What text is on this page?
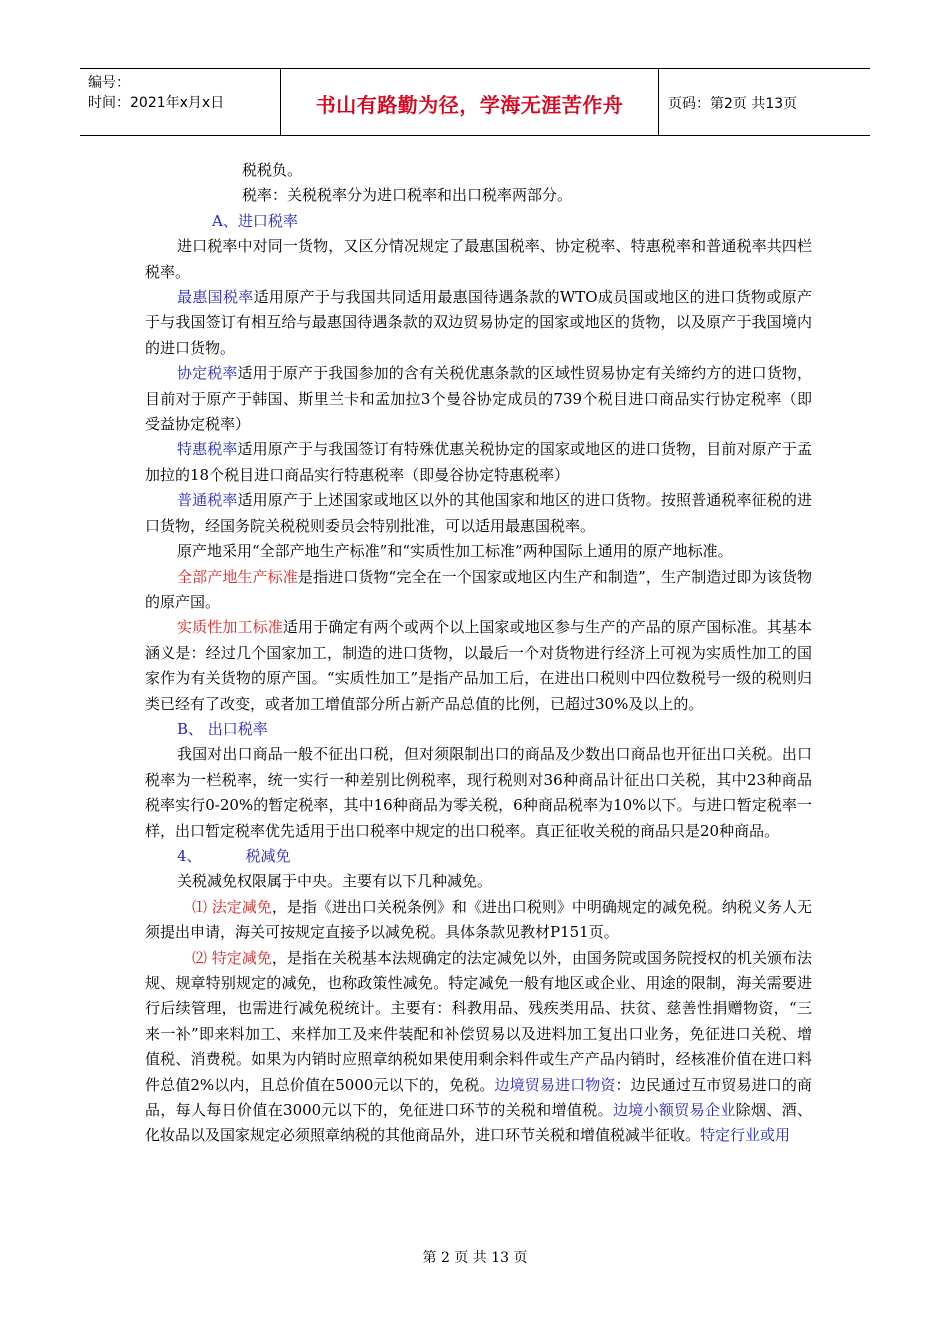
编号：
时间：2021年x月x日	书山有路勤为径，学海无涯苦作舟	页码：第2页 共13页

税税负。

税率：关税税率分为进口税率和出口税率两部分。

A、进口税率

进口税率中对同一货物，又区分情况规定了最惠国税率、协定税率、特惠税率和普通税率共四栏税率。

最惠国税率适用原产于与我国共同适用最惠国待遇条款的WTO成员国或地区的进口货物或原产于与我国签订有相互给与最惠国待遇条款的双边贸易协定的国家或地区的货物，以及原产于我国境内的进口货物。

协定税率适用于原产于我国参加的含有关税优惠条款的区域性贸易协定有关缔约方的进口货物，目前对于原产于韩国、斯里兰卡和孟加拉3个曼谷协定成员的739个税目进口商品实行协定税率（即受益协定税率）

特惠税率适用原产于与我国签订有特殊优惠关税协定的国家或地区的进口货物，目前对原产于孟加拉的18个税目进口商品实行特惠税率（即曼谷协定特惠税率）

普通税率适用原产于上述国家或地区以外的其他国家和地区的进口货物。按照普通税率征税的进口货物，经国务院关税税则委员会特别批准，可以适用最惠国税率。

原产地采用“全部产地生产标准”和“实质性加工标准”两种国际上通用的原产地标准。

全部产地生产标准是指进口货物“完全在一个国家或地区内生产和制造”，生产制造过即为该货物的原产国。

实质性加工标准适用于确定有两个或两个以上国家或地区参与生产的产品的原产国标准。其基本涵义是：经过几个国家加工，制造的进口货物，以最后一个对货物进行经济上可视为实质性加工的国家作为有关货物的原产国。“实质性加工”是指产品加工后，在进出口税则中四位数税号一级的税则归类已经有了改变，或者加工增值部分所占新产品总值的比例，已超过30%及以上的。

B、 出口税率

我国对出口商品一般不征出口税，但对须限制出口的商品及少数出口商品也开征出口关税。出口税率为一栏税率，统一实行一种差别比例税率，现行税则对36种商品计征出口关税，其中23种商品税率实行0-20%的暂定税率，其中16种商品为零关税，6种商品税率为10%以下。与进口暂定税率一样，出口暂定税率优先适用于出口税率中规定的出口税率。真正征收关税的商品只是20种商品。

4、	税减免

关税减免权限属于中央。主要有以下几种减免。

⑴ 法定减免，是指《进出口关税条例》和《进出口税则》中明确规定的减免税。纳税义务人无须提出申请，海关可按规定直接予以减免税。具体条款见教材P151页。

⑵ 特定减免，是指在关税基本法规确定的法定减免以外，由国务院或国务院授权的机关颁布法规、规章特别规定的减免，也称政策性减免。特定减免一般有地区或企业、用途的限制，海关需要进行后续管理，也需进行减免税统计。主要有：科教用品、残疾类用品、扶贫、慈善性捐赠物资，“三来一补”即来料加工、来样加工及来件装配和补偿贸易以及进料加工复出口业务，免征进口关税、增值税、消费税。如果为内销时应照章纳税如果使用剩余料件或生产产品内销时，经核准价值在进口料件总值2%以内，且总价值在5000元以下的，免税。边境贸易进口物资：边民通过互市贸易进口的商品，每人每日价值在3000元以下的，免征进口环节的关税和增值税。边境小额贸易企业除烟、酒、化妆品以及国家规定必须照章纳税的其他商品外，进口环节关税和增值税减半征收。特定行业或用

第 2 页 共 13 页
